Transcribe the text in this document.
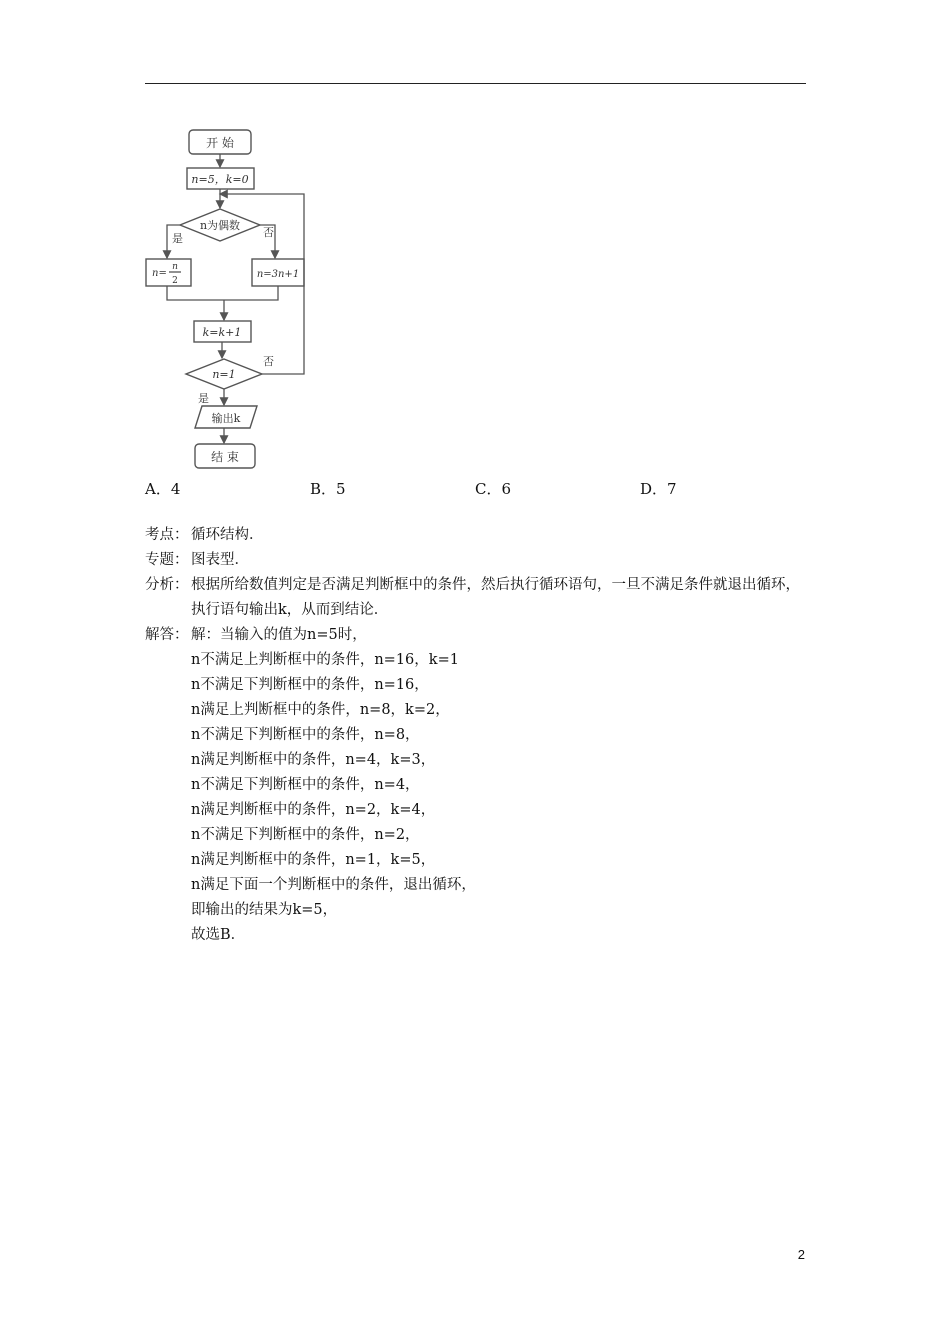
开 始
n=5，k=0
n为偶数
是	否
n=
n
2
n=3n+1
k=k+1
n=1
否
是
输出k
结 束
A．4	B．5	C．6	D．7
考点： 循环结构．
专题： 图表型．
分析： 根据所给数值判定是否满足判断框中的条件，然后执行循环语句，一旦不满足条件就退出循环，执行语句输出k，从而到结论．
解答： 解：当输入的值为n=5时，
n不满足上判断框中的条件，n=16，k=1
n不满足下判断框中的条件，n=16，
n满足上判断框中的条件，n=8，k=2，
n不满足下判断框中的条件，n=8，
n满足判断框中的条件，n=4，k=3，
n不满足下判断框中的条件，n=4，
n满足判断框中的条件，n=2，k=4，
n不满足下判断框中的条件，n=2，
n满足判断框中的条件，n=1，k=5，
n满足下面一个判断框中的条件，退出循环，
即输出的结果为k=5，
故选B．
2
